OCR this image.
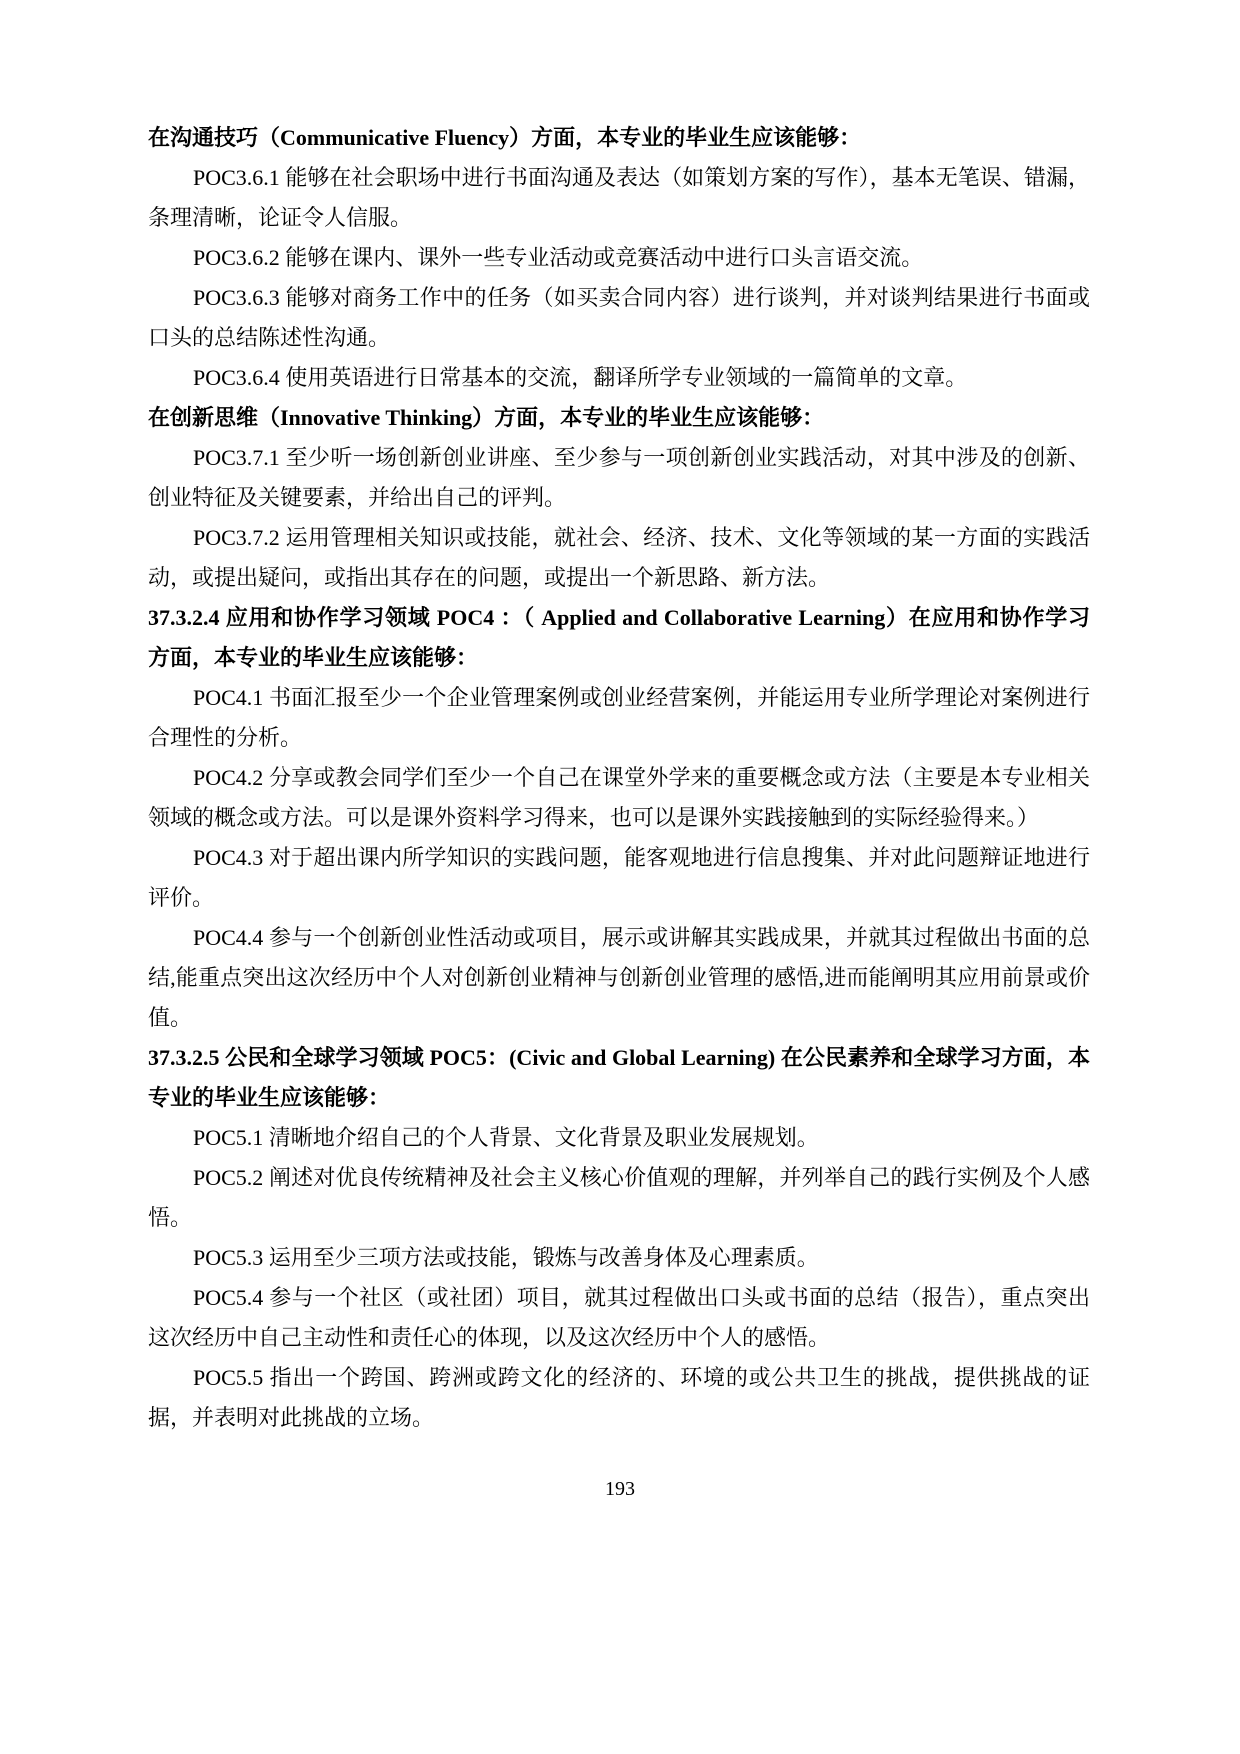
在沟通技巧（Communicative Fluency）方面，本专业的毕业生应该能够：

POC3.6.1 能够在社会职场中进行书面沟通及表达（如策划方案的写作），基本无笔误、错漏，条理清晰，论证令人信服。

POC3.6.2 能够在课内、课外一些专业活动或竞赛活动中进行口头言语交流。

POC3.6.3 能够对商务工作中的任务（如买卖合同内容）进行谈判，并对谈判结果进行书面或口头的总结陈述性沟通。

POC3.6.4 使用英语进行日常基本的交流，翻译所学专业领域的一篇简单的文章。

在创新思维（Innovative Thinking）方面，本专业的毕业生应该能够：

POC3.7.1 至少听一场创新创业讲座、至少参与一项创新创业实践活动，对其中涉及的创新、创业特征及关键要素，并给出自己的评判。

POC3.7.2 运用管理相关知识或技能，就社会、经济、技术、文化等领域的某一方面的实践活动，或提出疑问，或指出其存在的问题，或提出一个新思路、新方法。

37.3.2.4 应用和协作学习领域 POC4 ：（ Applied and Collaborative Learning）在应用和协作学习方面，本专业的毕业生应该能够：

POC4.1 书面汇报至少一个企业管理案例或创业经营案例，并能运用专业所学理论对案例进行合理性的分析。

POC4.2 分享或教会同学们至少一个自己在课堂外学来的重要概念或方法（主要是本专业相关领域的概念或方法。可以是课外资料学习得来，也可以是课外实践接触到的实际经验得来。）

POC4.3 对于超出课内所学知识的实践问题，能客观地进行信息搜集、并对此问题辩证地进行评价。

POC4.4 参与一个创新创业性活动或项目，展示或讲解其实践成果，并就其过程做出书面的总结,能重点突出这次经历中个人对创新创业精神与创新创业管理的感悟,进而能阐明其应用前景或价值。

37.3.2.5 公民和全球学习领域 POC5：(Civic and Global Learning) 在公民素养和全球学习方面，本专业的毕业生应该能够：

POC5.1 清晰地介绍自己的个人背景、文化背景及职业发展规划。

POC5.2 阐述对优良传统精神及社会主义核心价值观的理解，并列举自己的践行实例及个人感悟。

POC5.3 运用至少三项方法或技能，锻炼与改善身体及心理素质。

POC5.4 参与一个社区（或社团）项目，就其过程做出口头或书面的总结（报告），重点突出这次经历中自己主动性和责任心的体现，以及这次经历中个人的感悟。

POC5.5 指出一个跨国、跨洲或跨文化的经济的、环境的或公共卫生的挑战，提供挑战的证据，并表明对此挑战的立场。

193
